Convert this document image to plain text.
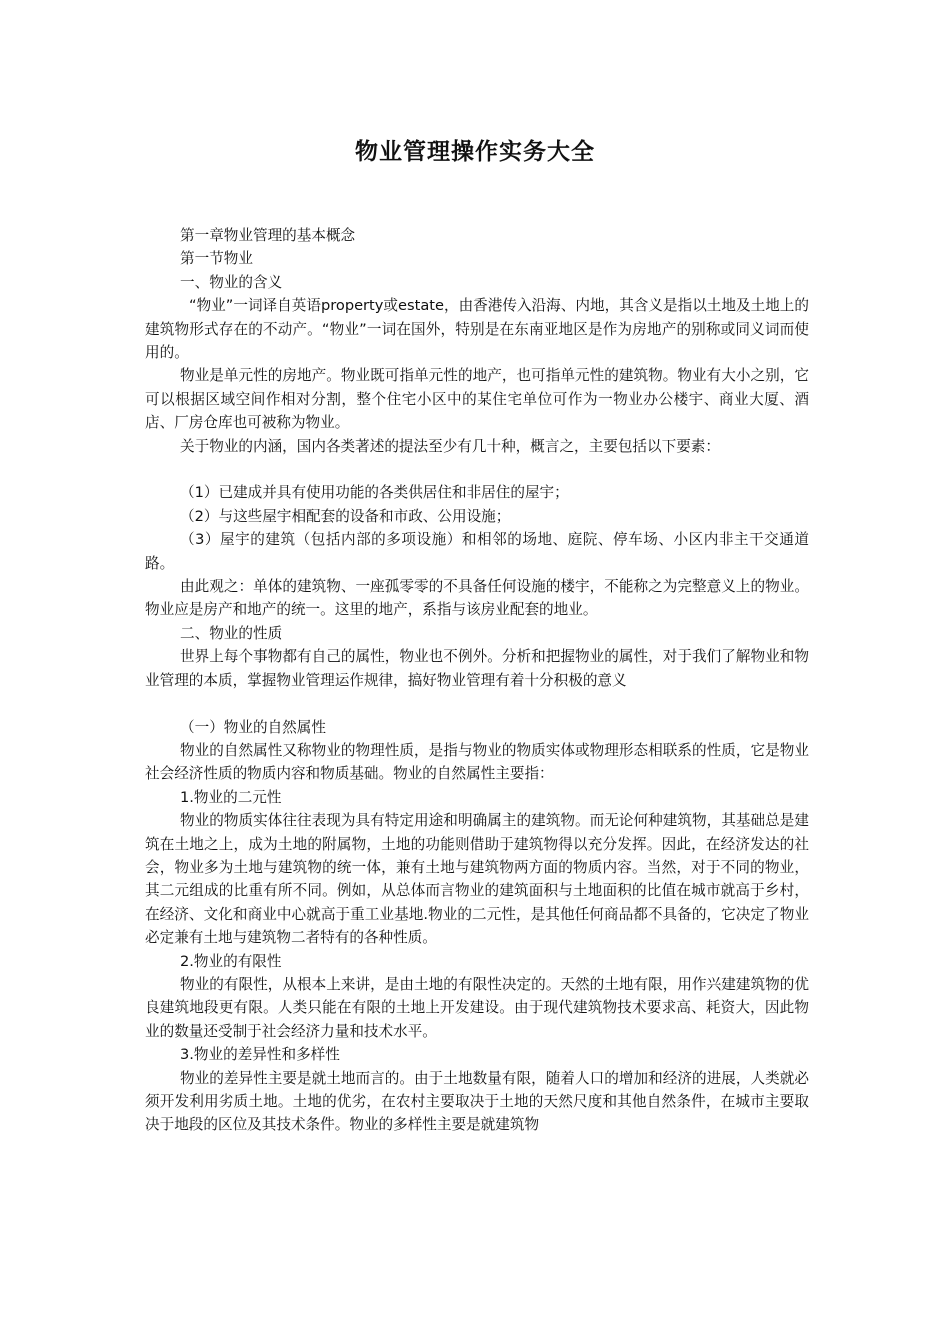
物业管理操作实务大全

第一章物业管理的基本概念

第一节物业

一、物业的含义

“物业”一词译自英语property或estate，由香港传入沿海、内地，其含义是指以土地及土地上的建筑物形式存在的不动产。“物业”一词在国外，特别是在东南亚地区是作为房地产的别称或同义词而使用的。

物业是单元性的房地产。物业既可指单元性的地产，也可指单元性的建筑物。物业有大小之别，它可以根据区域空间作相对分割，整个住宅小区中的某住宅单位可作为一物业办公楼宇、商业大厦、酒店、厂房仓库也可被称为物业。

关于物业的内涵，国内各类著述的提法至少有几十种，概言之，主要包括以下要素：

（1）已建成并具有使用功能的各类供居住和非居住的屋宇；

（2）与这些屋宇相配套的设备和市政、公用设施；

（3）屋宇的建筑（包括内部的多项设施）和相邻的场地、庭院、停车场、小区内非主干交通道路。

由此观之：单体的建筑物、一座孤零零的不具备任何设施的楼宇，不能称之为完整意义上的物业。物业应是房产和地产的统一。这里的地产，系指与该房业配套的地业。

二、物业的性质

世界上每个事物都有自己的属性，物业也不例外。分析和把握物业的属性，对于我们了解物业和物业管理的本质，掌握物业管理运作规律，搞好物业管理有着十分积极的意义

（一）物业的自然属性

物业的自然属性又称物业的物理性质，是指与物业的物质实体或物理形态相联系的性质，它是物业社会经济性质的物质内容和物质基础。物业的自然属性主要指：

1.物业的二元性

物业的物质实体往往表现为具有特定用途和明确属主的建筑物。而无论何种建筑物，其基础总是建筑在土地之上，成为土地的附属物，土地的功能则借助于建筑物得以充分发挥。因此，在经济发达的社会，物业多为土地与建筑物的统一体，兼有土地与建筑物两方面的物质内容。当然，对于不同的物业，其二元组成的比重有所不同。例如，从总体而言物业的建筑面积与土地面积的比值在城市就高于乡村，在经济、文化和商业中心就高于重工业基地.物业的二元性，是其他任何商品都不具备的，它决定了物业必定兼有土地与建筑物二者特有的各种性质。

2.物业的有限性

物业的有限性，从根本上来讲，是由土地的有限性决定的。天然的土地有限，用作兴建建筑物的优良建筑地段更有限。人类只能在有限的土地上开发建设。由于现代建筑物技术要求高、耗资大，因此物业的数量还受制于社会经济力量和技术水平。

3.物业的差异性和多样性

物业的差异性主要是就土地而言的。由于土地数量有限，随着人口的增加和经济的进展，人类就必须开发利用劣质土地。土地的优劣，在农村主要取决于土地的天然尺度和其他自然条件，在城市主要取决于地段的区位及其技术条件。物业的多样性主要是就建筑物
